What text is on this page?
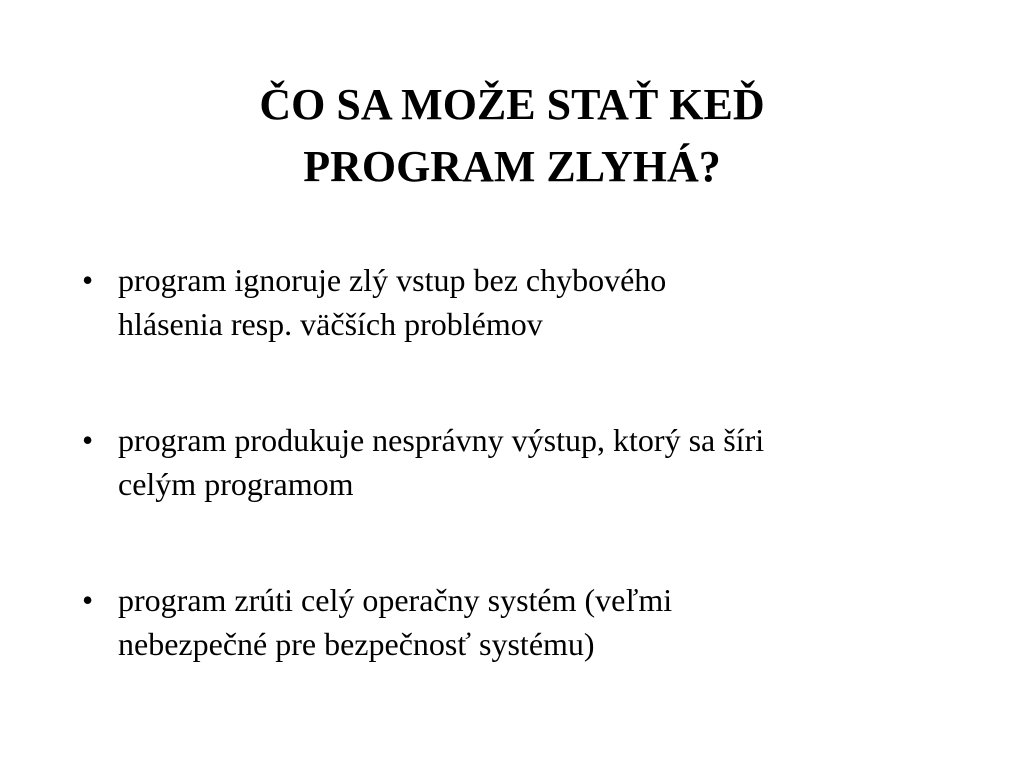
ČO SA MOŽE STAŤ KEĎ
PROGRAM ZLYHÁ?
• program ignoruje zlý vstup bez chybového
hlásenia resp. väčších problémov
• program produkuje nesprávny výstup, ktorý sa šíri
celým programom
• program zrúti celý operačny systém (veľmi
nebezpečné pre bezpečnosť systému)
